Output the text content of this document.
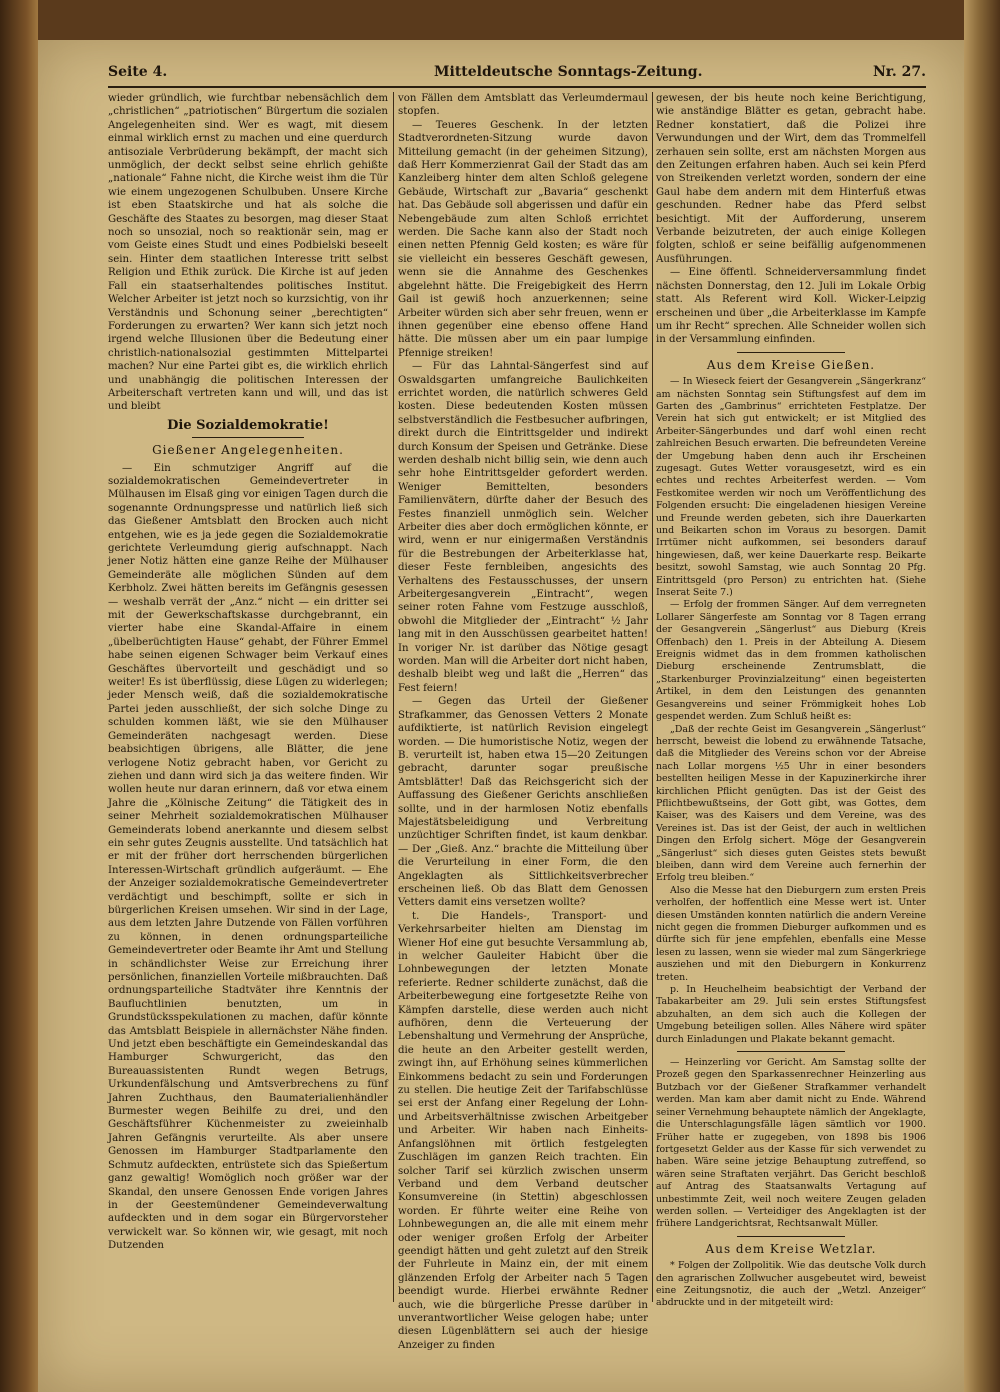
Seite 4.	Mitteldeutsche Sonntags-Zeitung.	Nr. 27.

wieder gründlich, wie furchtbar nebensächlich dem „christlichen“ „patriotischen“ Bürgertum die sozialen Angelegenheiten sind. Wer es wagt, mit diesem einmal wirklich ernst zu machen und eine querdurch antisoziale Verbrüderung bekämpft, der macht sich unmöglich, der deckt selbst seine ehrlich gehißte „nationale“ Fahne nicht, die Kirche weist ihm die Tür wie einem ungezogenen Schulbuben. Unsere Kirche ist eben Staatskirche und hat als solche die Geschäfte des Staates zu besorgen, mag dieser Staat noch so unsozial, noch so reaktionär sein, mag er vom Geiste eines Studt und eines Podbielski beseelt sein. Hinter dem staatlichen Interesse tritt selbst Religion und Ethik zurück. Die Kirche ist auf jeden Fall ein staatserhaltendes politisches Institut. Welcher Arbeiter ist jetzt noch so kurzsichtig, von ihr Verständnis und Schonung seiner „berechtigten“ Forderungen zu erwarten? Wer kann sich jetzt noch irgend welche Illusionen über die Bedeutung einer christlich-nationalsozial gestimmten Mittelpartei machen? Nur eine Partei gibt es, die wirklich ehrlich und unabhängig die politischen Interessen der Arbeiterschaft vertreten kann und will, und das ist und bleibt

Die Sozialdemokratie!
Gießener Angelegenheiten.

— Ein schmutziger Angriff auf die sozialdemokratischen Gemeindevertreter in Mülhausen im Elsaß ging vor einigen Tagen durch die sogenannte Ordnungspresse und natürlich ließ sich das Gießener Amtsblatt den Brocken auch nicht entgehen, wie es ja jede gegen die Sozialdemokratie gerichtete Verleumdung gierig aufschnappt. Nach jener Notiz hätten eine ganze Reihe der Mülhauser Gemeinderäte alle möglichen Sünden auf dem Kerbholz. Zwei hätten bereits im Gefängnis gesessen — weshalb verrät der „Anz.“ nicht — ein dritter sei mit der Gewerkschaftskasse durchgebrannt, ein vierter habe eine Skandal-Affaire in einem „übelberüchtigten Hause“ gehabt, der Führer Emmel habe seinen eigenen Schwager beim Verkauf eines Geschäftes übervorteilt und geschädigt und so weiter! Es ist überflüssig, diese Lügen zu widerlegen; jeder Mensch weiß, daß die sozialdemokratische Partei jeden ausschließt, der sich solche Dinge zu schulden kommen läßt, wie sie den Mülhauser Gemeinderäten nachgesagt werden. Diese beabsichtigen übrigens, alle Blätter, die jene verlogene Notiz gebracht haben, vor Gericht zu ziehen und dann wird sich ja das weitere finden. Wir wollen heute nur daran erinnern, daß vor etwa einem Jahre die „Kölnische Zeitung“ die Tätigkeit des in seiner Mehrheit sozialdemokratischen Mülhauser Gemeinderats lobend anerkannte und diesem selbst ein sehr gutes Zeugnis ausstellte. Und tatsächlich hat er mit der früher dort herrschenden bürgerlichen Interessen-Wirtschaft gründlich aufgeräumt. — Ehe der Anzeiger sozialdemokratische Gemeindevertreter verdächtigt und beschimpft, sollte er sich in bürgerlichen Kreisen umsehen. Wir sind in der Lage, aus dem letzten Jahre Dutzende von Fällen vorführen zu können, in denen ordnungsparteiliche Gemeindevertreter oder Beamte ihr Amt und Stellung in schändlichster Weise zur Erreichung ihrer persönlichen, finanziellen Vorteile mißbrauchten. Daß ordnungsparteiliche Stadtväter ihre Kenntnis der Baufluchtlinien benutzten, um in Grundstücksspekulationen zu machen, dafür könnte das Amtsblatt Beispiele in allernächster Nähe finden. Und jetzt eben beschäftigte ein Gemeindeskandal das Hamburger Schwurgericht, das den Bureauassistenten Rundt wegen Betrugs, Urkundenfälschung und Amtsverbrechens zu fünf Jahren Zuchthaus, den Baumaterialienhändler Burmester wegen Beihilfe zu drei, und den Geschäftsführer Küchenmeister zu zweieinhalb Jahren Gefängnis verurteilte. Als aber unsere Genossen im Hamburger Stadtparlamente den Schmutz aufdeckten, entrüstete sich das Spießertum ganz gewaltig! Womöglich noch größer war der Skandal, den unsere Genossen Ende vorigen Jahres in der Geestemündener Gemeindeverwaltung aufdeckten und in dem sogar ein Bürgervorsteher verwickelt war. So können wir, wie gesagt, mit noch Dutzenden

von Fällen dem Amtsblatt das Verleumdermaul stopfen.

— Teueres Geschenk. In der letzten Stadtverordneten-Sitzung wurde davon Mitteilung gemacht (in der geheimen Sitzung), daß Herr Kommerzienrat Gail der Stadt das am Kanzleiberg hinter dem alten Schloß gelegene Gebäude, Wirtschaft zur „Bavaria“ geschenkt hat. Das Gebäude soll abgerissen und dafür ein Nebengebäude zum alten Schloß errichtet werden. Die Sache kann also der Stadt noch einen netten Pfennig Geld kosten; es wäre für sie vielleicht ein besseres Geschäft gewesen, wenn sie die Annahme des Geschenkes abgelehnt hätte. Die Freigebigkeit des Herrn Gail ist gewiß hoch anzuerkennen; seine Arbeiter würden sich aber sehr freuen, wenn er ihnen gegenüber eine ebenso offene Hand hätte. Die müssen aber um ein paar lumpige Pfennige streiken!

— Für das Lahntal-Sängerfest sind auf Oswaldsgarten umfangreiche Baulichkeiten errichtet worden, die natürlich schweres Geld kosten. Diese bedeutenden Kosten müssen selbstverständlich die Festbesucher aufbringen, direkt durch die Eintrittsgelder und indirekt durch Konsum der Speisen und Getränke. Diese werden deshalb nicht billig sein, wie denn auch sehr hohe Eintrittsgelder gefordert werden. Weniger Bemittelten, besonders Familienvätern, dürfte daher der Besuch des Festes finanziell unmöglich sein. Welcher Arbeiter dies aber doch ermöglichen könnte, er wird, wenn er nur einigermaßen Verständnis für die Bestrebungen der Arbeiterklasse hat, dieser Feste fernbleiben, angesichts des Verhaltens des Festausschusses, der unsern Arbeitergesangverein „Eintracht“, wegen seiner roten Fahne vom Festzuge ausschloß, obwohl die Mitglieder der „Eintracht“ ½ Jahr lang mit in den Ausschüssen gearbeitet hatten! In voriger Nr. ist darüber das Nötige gesagt worden. Man will die Arbeiter dort nicht haben, deshalb bleibt weg und laßt die „Herren“ das Fest feiern!

— Gegen das Urteil der Gießener Strafkammer, das Genossen Vetters 2 Monate aufdiktierte, ist natürlich Revision eingelegt worden. — Die humoristische Notiz, wegen der B. verurteilt ist, haben etwa 15—20 Zeitungen gebracht, darunter sogar preußische Amtsblätter! Daß das Reichsgericht sich der Auffassung des Gießener Gerichts anschließen sollte, und in der harmlosen Notiz ebenfalls Majestätsbeleidigung und Verbreitung unzüchtiger Schriften findet, ist kaum denkbar. — Der „Gieß. Anz.“ brachte die Mitteilung über die Verurteilung in einer Form, die den Angeklagten als Sittlichkeitsverbrecher erscheinen ließ. Ob das Blatt dem Genossen Vetters damit eins versetzen wollte?

t. Die Handels-, Transport- und Verkehrsarbeiter hielten am Dienstag im Wiener Hof eine gut besuchte Versammlung ab, in welcher Gauleiter Habicht über die Lohnbewegungen der letzten Monate referierte. Redner schilderte zunächst, daß die Arbeiterbewegung eine fortgesetzte Reihe von Kämpfen darstelle, diese werden auch nicht aufhören, denn die Verteuerung der Lebenshaltung und Vermehrung der Ansprüche, die heute an den Arbeiter gestellt werden, zwingt ihn, auf Erhöhung seines kümmerlichen Einkommens bedacht zu sein und Forderungen zu stellen. Die heutige Zeit der Tarifabschlüsse sei erst der Anfang einer Regelung der Lohn- und Arbeitsverhältnisse zwischen Arbeitgeber und Arbeiter. Wir haben nach Einheits-Anfangslöhnen mit örtlich festgelegten Zuschlägen im ganzen Reich trachten. Ein solcher Tarif sei kürzlich zwischen unserm Verband und dem Verband deutscher Konsumvereine (in Stettin) abgeschlossen worden. Er führte weiter eine Reihe von Lohnbewegungen an, die alle mit einem mehr oder weniger großen Erfolg der Arbeiter geendigt hätten und geht zuletzt auf den Streik der Fuhrleute in Mainz ein, der mit einem glänzenden Erfolg der Arbeiter nach 5 Tagen beendigt wurde. Hierbei erwähnte Redner auch, wie die bürgerliche Presse darüber in unverantwortlicher Weise gelogen habe; unter diesen Lügenblättern sei auch der hiesige Anzeiger zu finden

gewesen, der bis heute noch keine Berichtigung, wie anständige Blätter es getan, gebracht habe. Redner konstatiert, daß die Polizei ihre Verwundungen und der Wirt, dem das Trommelfell zerhauen sein sollte, erst am nächsten Morgen aus den Zeitungen erfahren haben. Auch sei kein Pferd von Streikenden verletzt worden, sondern der eine Gaul habe dem andern mit dem Hinterfuß etwas geschunden. Redner habe das Pferd selbst besichtigt. Mit der Aufforderung, unserem Verbande beizutreten, der auch einige Kollegen folgten, schloß er seine beifällig aufgenommenen Ausführungen.

— Eine öffentl. Schneiderversammlung findet nächsten Donnerstag, den 12. Juli im Lokale Orbig statt. Als Referent wird Koll. Wicker-Leipzig erscheinen und über „die Arbeiterklasse im Kampfe um ihr Recht“ sprechen. Alle Schneider wollen sich in der Versammlung einfinden.

Aus dem Kreise Gießen.

— In Wieseck feiert der Gesangverein „Sängerkranz“ am nächsten Sonntag sein Stiftungsfest auf dem im Garten des „Gambrinus“ errichteten Festplatze. Der Verein hat sich gut entwickelt; er ist Mitglied des Arbeiter-Sängerbundes und darf wohl einen recht zahlreichen Besuch erwarten. Die befreundeten Vereine der Umgebung haben denn auch ihr Erscheinen zugesagt. Gutes Wetter vorausgesetzt, wird es ein echtes und rechtes Arbeiterfest werden. — Vom Festkomitee werden wir noch um Veröffentlichung des Folgenden ersucht: Die eingeladenen hiesigen Vereine und Freunde werden gebeten, sich ihre Dauerkarten und Beikarten schon im Voraus zu besorgen. Damit Irrtümer nicht aufkommen, sei besonders darauf hingewiesen, daß, wer keine Dauerkarte resp. Beikarte besitzt, sowohl Samstag, wie auch Sonntag 20 Pfg. Eintrittsgeld (pro Person) zu entrichten hat. (Siehe Inserat Seite 7.)

— Erfolg der frommen Sänger. Auf dem verregneten Lollarer Sängerfeste am Sonntag vor 8 Tagen errang der Gesangverein „Sängerlust“ aus Dieburg (Kreis Offenbach) den 1. Preis in der Abteilung A. Diesem Ereignis widmet das in dem frommen katholischen Dieburg erscheinende Zentrumsblatt, die „Starkenburger Provinzialzeitung“ einen begeisterten Artikel, in dem den Leistungen des genannten Gesangvereins und seiner Frömmigkeit hohes Lob gespendet werden. Zum Schluß heißt es:

„Daß der rechte Geist im Gesangverein „Sängerlust“ herrscht, beweist die lobend zu erwähnende Tatsache, daß die Mitglieder des Vereins schon vor der Abreise nach Lollar morgens ½5 Uhr in einer besonders bestellten heiligen Messe in der Kapuzinerkirche ihrer kirchlichen Pflicht genügten. Das ist der Geist des Pflichtbewußtseins, der Gott gibt, was Gottes, dem Kaiser, was des Kaisers und dem Vereine, was des Vereines ist. Das ist der Geist, der auch in weltlichen Dingen den Erfolg sichert. Möge der Gesangverein „Sängerlust“ sich dieses guten Geistes stets bewußt bleiben, dann wird dem Vereine auch fernerhin der Erfolg treu bleiben.“

Also die Messe hat den Dieburgern zum ersten Preis verholfen, der hoffentlich eine Messe wert ist. Unter diesen Umständen konnten natürlich die andern Vereine nicht gegen die frommen Dieburger aufkommen und es dürfte sich für jene empfehlen, ebenfalls eine Messe lesen zu lassen, wenn sie wieder mal zum Sängerkriege ausziehen und mit den Dieburgern in Konkurrenz treten.

p. In Heuchelheim beabsichtigt der Verband der Tabakarbeiter am 29. Juli sein erstes Stiftungsfest abzuhalten, an dem sich auch die Kollegen der Umgebung beteiligen sollen. Alles Nähere wird später durch Einladungen und Plakate bekannt gemacht.

— Heinzerling vor Gericht. Am Samstag sollte der Prozeß gegen den Sparkassenrechner Heinzerling aus Butzbach vor der Gießener Strafkammer verhandelt werden. Man kam aber damit nicht zu Ende. Während seiner Vernehmung behauptete nämlich der Angeklagte, die Unterschlagungsfälle lägen sämtlich vor 1900. Früher hatte er zugegeben, von 1898 bis 1906 fortgesetzt Gelder aus der Kasse für sich verwendet zu haben. Wäre seine jetzige Behauptung zutreffend, so wären seine Straftaten verjährt. Das Gericht beschloß auf Antrag des Staatsanwalts Vertagung auf unbestimmte Zeit, weil noch weitere Zeugen geladen werden sollen. — Verteidiger des Angeklagten ist der frühere Landgerichtsrat, Rechtsanwalt Müller.

Aus dem Kreise Wetzlar.

* Folgen der Zollpolitik. Wie das deutsche Volk durch den agrarischen Zollwucher ausgebeutet wird, beweist eine Zeitungsnotiz, die auch der „Wetzl. Anzeiger“ abdruckte und in der mitgeteilt wird:
